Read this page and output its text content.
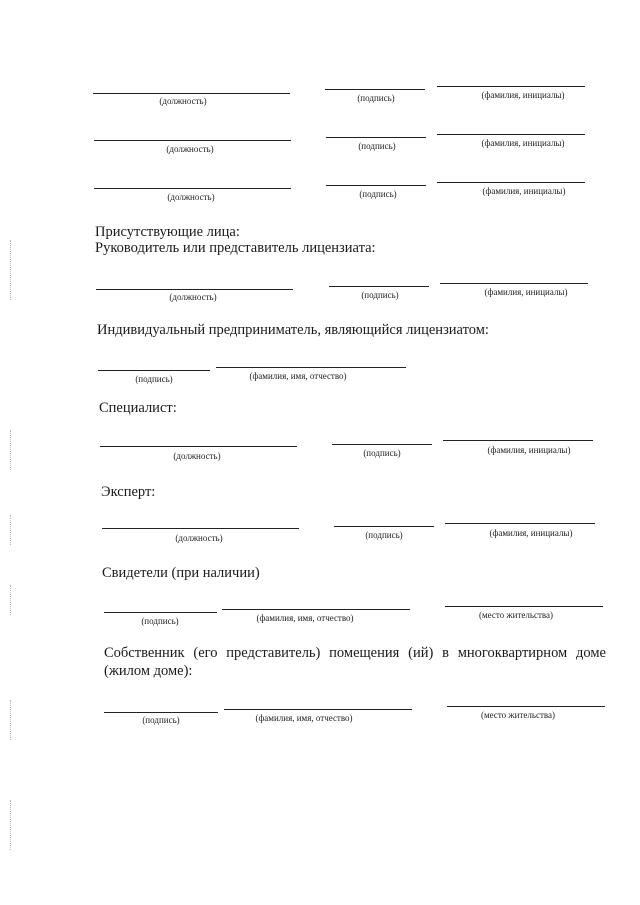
(должность)	(подпись)	(фамилия, инициалы)
(должность)	(подпись)	(фамилия, инициалы)
(должность)	(подпись)	(фамилия, инициалы)
Присутствующие лица:
Руководитель или представитель лицензиата:
(должность)	(подпись)	(фамилия, инициалы)
Индивидуальный предприниматель, являющийся лицензиатом:
(подпись)	(фамилия, имя, отчество)
Специалист:
(должность)	(подпись)	(фамилия, инициалы)
Эксперт:
(должность)	(подпись)	(фамилия, инициалы)
Свидетели (при наличии)
(подпись)	(фамилия, имя, отчество)	(место жительства)
Собственник (его представитель) помещения (ий) в многоквартирном доме (жилом доме):
(подпись)	(фамилия, имя, отчество)	(место жительства)
